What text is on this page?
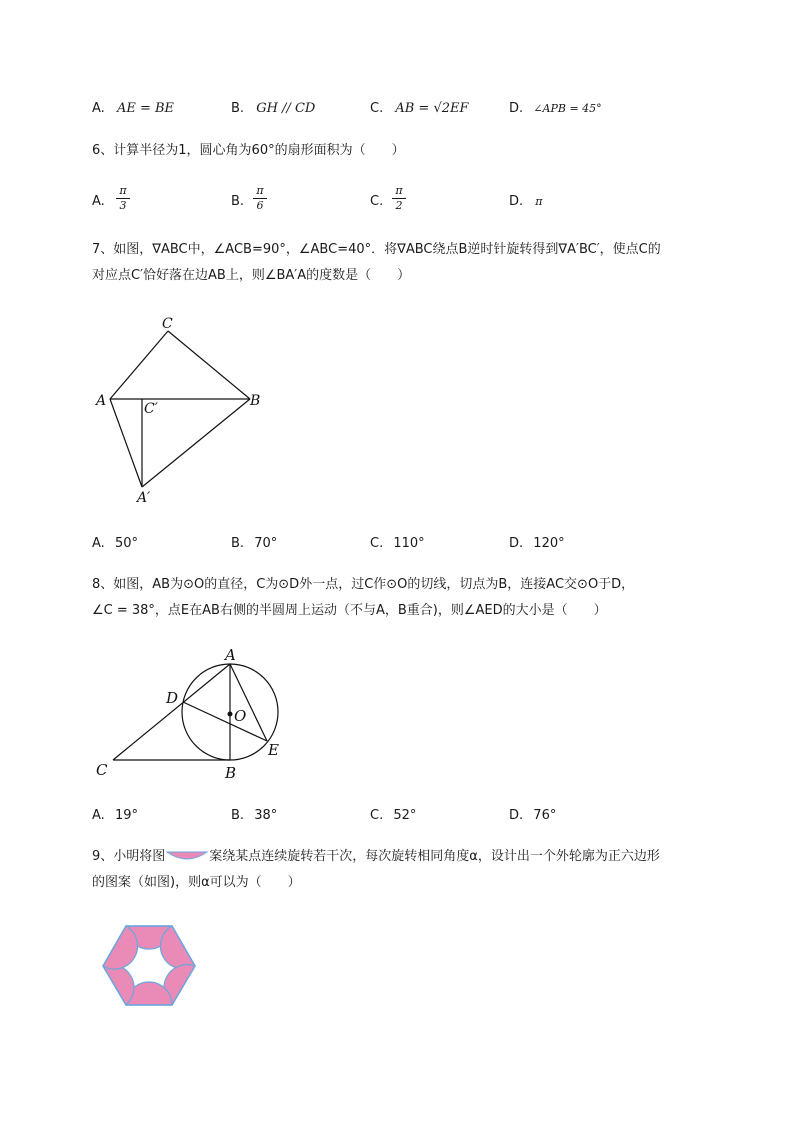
A. AE = BE	B. GH // CD	C. AB = √2EF	D. ∠APB = 45°
6、计算半径为1，圆心角为60°的扇形面积为（　　）
A. $\frac{\pi}{3}$	B. $\frac{\pi}{6}$	C. $\frac{\pi}{2}$	D. π
7、如图，∇ABC中，∠ACB=90°，∠ABC=40°．将∇ABC绕点B逆时针旋转得到∇A′BC′，使点C的
对应点C′恰好落在边AB上，则∠BA′A的度数是（　　）
C
A	B
C′
A′
A. 50°	B. 70°	C. 110°	D. 120°
8、如图，AB为⊙O的直径，C为⊙D外一点，过C作⊙O的切线，切点为B，连接AC交⊙O于D，
∠C = 38°，点E在AB右侧的半圆周上运动（不与A，B重合)，则∠AED的大小是（　　）
A
D
O
E
C	B
A. 19°	B. 38°	C. 52°	D. 76°
9、小明将图	案绕某点连续旋转若干次，每次旋转相同角度α，设计出一个外轮廓为正六边形
的图案（如图)，则α可以为（　　）
